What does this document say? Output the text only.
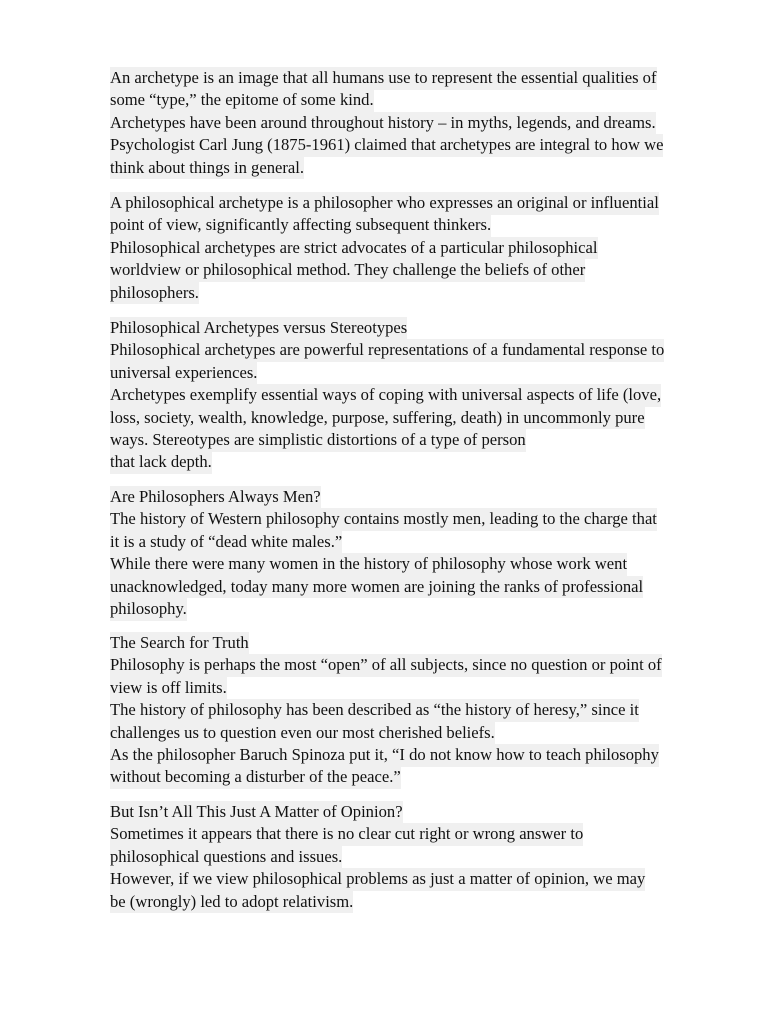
An archetype is an image that all humans use to represent the essential qualities of
some “type,” the epitome of some kind.
Archetypes have been around throughout history – in myths, legends, and dreams.
Psychologist Carl Jung (1875-1961) claimed that archetypes are integral to how we
think about things in general.
A philosophical archetype is a philosopher who expresses an original or influential
point of view, significantly affecting subsequent thinkers.
Philosophical archetypes are strict advocates of a particular philosophical
worldview or philosophical method. They challenge the beliefs of other
philosophers.
Philosophical Archetypes versus Stereotypes
Philosophical archetypes are powerful representations of a fundamental response to
universal experiences.
Archetypes exemplify essential ways of coping with universal aspects of life (love,
loss, society, wealth, knowledge, purpose, suffering, death) in uncommonly pure
ways. Stereotypes are simplistic distortions of a type of person
that lack depth.
Are Philosophers Always Men?
The history of Western philosophy contains mostly men, leading to the charge that
it is a study of “dead white males.”
While there were many women in the history of philosophy whose work went
unacknowledged, today many more women are joining the ranks of professional
philosophy.
The Search for Truth
Philosophy is perhaps the most “open” of all subjects, since no question or point of
view is off limits.
The history of philosophy has been described as “the history of heresy,” since it
challenges us to question even our most cherished beliefs.
As the philosopher Baruch Spinoza put it, “I do not know how to teach philosophy
without becoming a disturber of the peace.”
But Isn’t All This Just A Matter of Opinion?
Sometimes it appears that there is no clear cut right or wrong answer to
philosophical questions and issues.
However, if we view philosophical problems as just a matter of opinion, we may
be (wrongly) led to adopt relativism.
